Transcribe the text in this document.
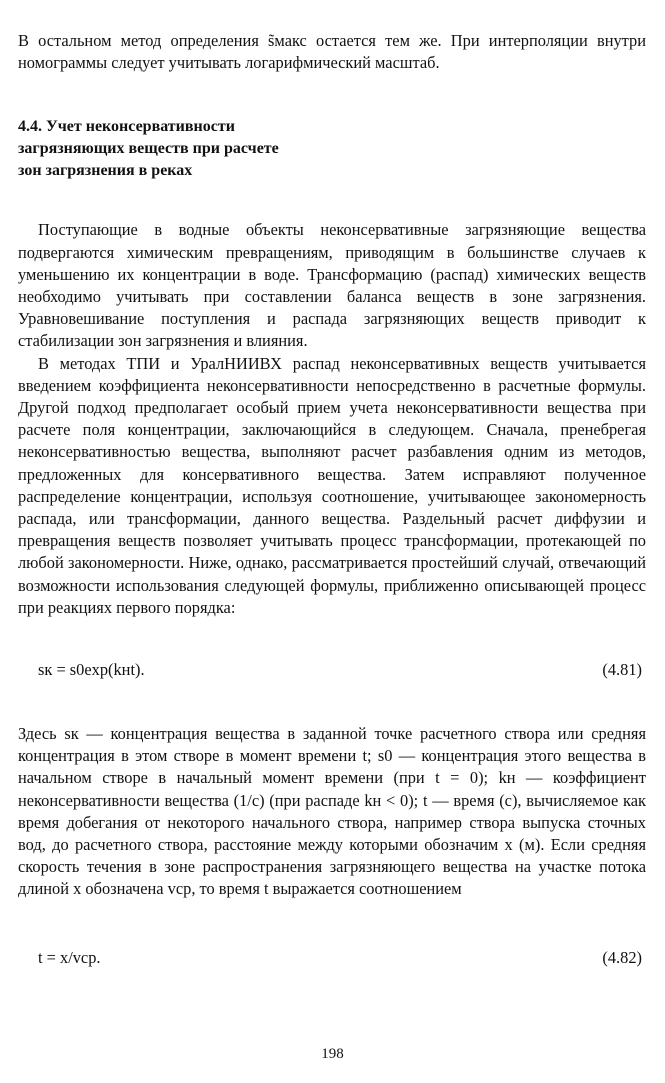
В остальном метод определения s̃макс остается тем же. При интерполяции внутри номограммы следует учитывать логарифмический масштаб.

4.4. Учет неконсервативности

загрязняющих веществ при расчете

зон загрязнения в реках

Поступающие в водные объекты неконсервативные загрязняющие вещества подвергаются химическим превращениям, приводящим в большинстве случаев к уменьшению их концентрации в воде. Трансформацию (распад) химических веществ необходимо учитывать при составлении баланса веществ в зоне загрязнения. Уравновешивание поступления и распада загрязняющих веществ приводит к стабилизации зон загрязнения и влияния.

В методах ТПИ и УралНИИВХ распад неконсервативных веществ учитывается введением коэффициента неконсервативности непосредственно в расчетные формулы. Другой подход предполагает особый прием учета неконсервативности вещества при расчете поля концентрации, заключающийся в следующем. Сначала, пренебрегая неконсервативностью вещества, выполняют расчет разбавления одним из методов, предложенных для консервативного вещества. Затем исправляют полученное распределение концентрации, используя соотношение, учитывающее закономерность распада, или трансформации, данного вещества. Раздельный расчет диффузии и превращения веществ позволяет учитывать процесс трансформации, протекающей по любой закономерности. Ниже, однако, рассматривается простейший случай, отвечающий возможности использования следующей формулы, приближенно описывающей процесс при реакциях первого порядка:

sк = s0exp(kнt).	(4.81)

Здесь sк — концентрация вещества в заданной точке расчетного створа или средняя концентрация в этом створе в момент времени t; s0 — концентрация этого вещества в начальном створе в начальный момент времени (при t = 0); kн — коэффициент неконсервативности вещества (1/с) (при распаде kн < 0); t — время (с), вычисляемое как время добегания от некоторого начального створа, например створа выпуска сточных вод, до расчетного створа, расстояние между которыми обозначим x (м). Если средняя скорость течения в зоне распространения загрязняющего вещества на участке потока длиной x обозначена vср, то время t выражается соотношением

t = x/vср.	(4.82)
198
